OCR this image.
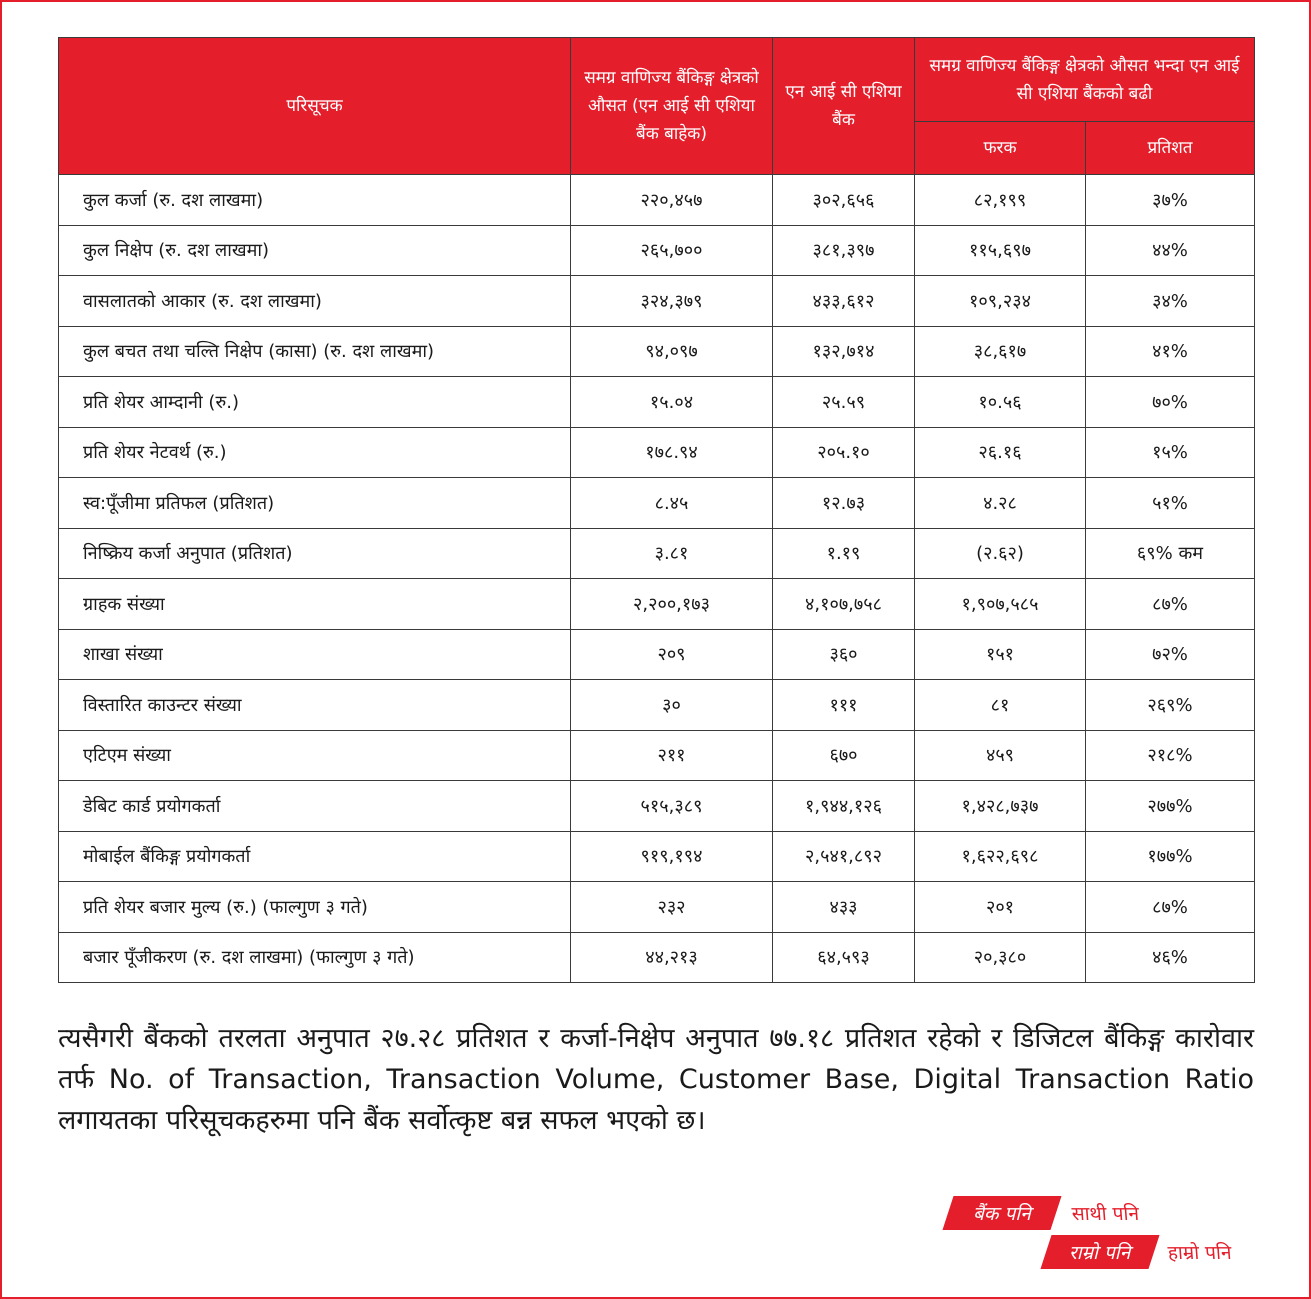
परिसूचक	समग्र वाणिज्य बैंकिङ्ग क्षेत्रको औसत (एन आई सी एशिया बैंक बाहेक)	एन आई सी एशिया बैंक	समग्र वाणिज्य बैंकिङ्ग क्षेत्रको औसत भन्दा एन आई सी एशिया बैंकको बढी	
			फरक	प्रतिशत
कुल कर्जा (रु. दश लाखमा)	२२०,४५७	३०२,६५६	८२,१९९	३७%
कुल निक्षेप (रु. दश लाखमा)	२६५,७००	३८१,३९७	११५,६९७	४४%
वासलातको आकार (रु. दश लाखमा)	३२४,३७९	४३३,६१२	१०९,२३४	३४%
कुल बचत तथा चल्ति निक्षेप (कासा) (रु. दश लाखमा)	९४,०९७	१३२,७१४	३८,६१७	४१%
प्रति शेयर आम्दानी (रु.)	१५.०४	२५.५९	१०.५६	७०%
प्रति शेयर नेटवर्थ (रु.)	१७८.९४	२०५.१०	२६.१६	१५%
स्व:पूँजीमा प्रतिफल (प्रतिशत)	८.४५	१२.७३	४.२८	५१%
निष्क्रिय कर्जा अनुपात (प्रतिशत)	३.८१	१.१९	(२.६२)	६९% कम
ग्राहक संख्या	२,२००,१७३	४,१०७,७५८	१,९०७,५८५	८७%
शाखा संख्या	२०९	३६०	१५१	७२%
विस्तारित काउन्टर संख्या	३०	१११	८१	२६९%
एटिएम संख्या	२११	६७०	४५९	२१८%
डेबिट कार्ड प्रयोगकर्ता	५१५,३८९	१,९४४,१२६	१,४२८,७३७	२७७%
मोबाईल बैंकिङ्ग प्रयोगकर्ता	९१९,१९४	२,५४१,८९२	१,६२२,६९८	१७७%
प्रति शेयर बजार मुल्य (रु.) (फाल्गुण ३ गते)	२३२	४३३	२०१	८७%
बजार पूँजीकरण (रु. दश लाखमा) (फाल्गुण ३ गते)	४४,२१३	६४,५९३	२०,३८०	४६%

त्यसैगरी बैंकको तरलता अनुपात २७.२८ प्रतिशत र कर्जा-निक्षेप अनुपात ७७.१८ प्रतिशत रहेको र डिजिटल बैंकिङ्ग कारोवार तर्फ No. of Transaction, Transaction Volume, Customer Base, Digital Transaction Ratio लगायतका परिसूचकहरुमा पनि बैंक सर्वोत्कृष्ट बन्न सफल भएको छ।

बैंक पनि साथी पनि
राम्रो पनि हाम्रो पनि
